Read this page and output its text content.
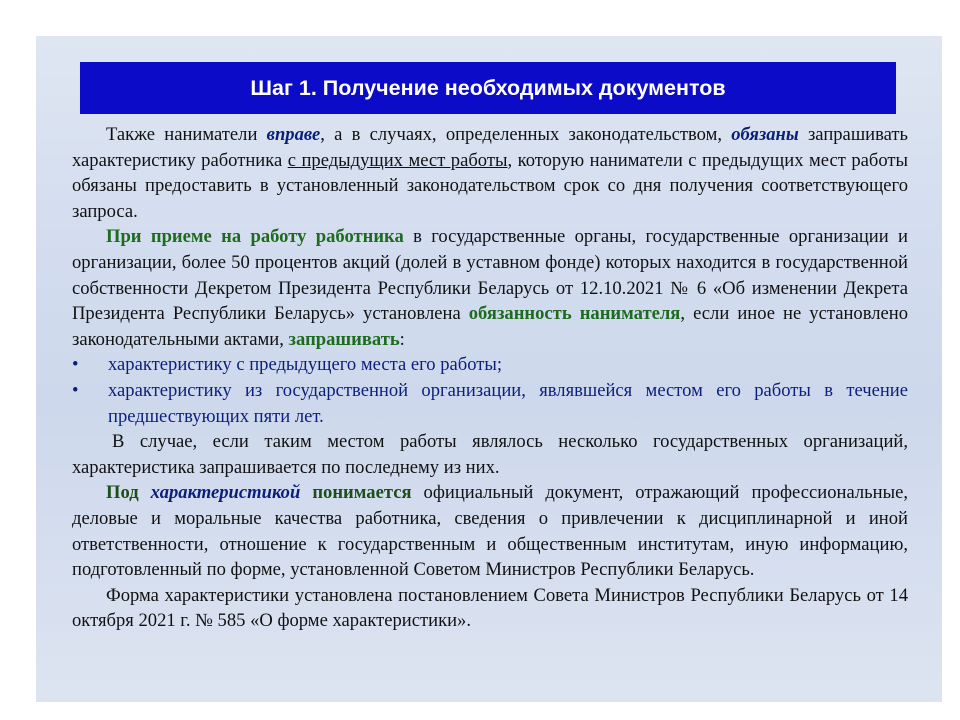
Шаг 1. Получение необходимых документов

Также наниматели вправе, а в случаях, определенных законодательством, обязаны запрашивать характеристику работника с предыдущих мест работы, которую наниматели с предыдущих мест работы обязаны предоставить в установленный законодательством срок со дня получения соответствующего запроса.

При приеме на работу работника в государственные органы, государственные организации и организации, более 50 процентов акций (долей в уставном фонде) которых находится в государственной собственности Декретом Президента Республики Беларусь от 12.10.2021 № 6 «Об изменении Декрета Президента Республики Беларусь» установлена обязанность нанимателя, если иное не установлено законодательными актами, запрашивать:

• характеристику с предыдущего места его работы;

• характеристику из государственной организации, являвшейся местом его работы в течение предшествующих пяти лет.

В случае, если таким местом работы являлось несколько государственных организаций, характеристика запрашивается по последнему из них.

Под характеристикой понимается официальный документ, отражающий профессиональные, деловые и моральные качества работника, сведения о привлечении к дисциплинарной и иной ответственности, отношение к государственным и общественным институтам, иную информацию, подготовленный по форме, установленной Советом Министров Республики Беларусь.

Форма характеристики установлена постановлением Совета Министров Республики Беларусь от 14 октября 2021 г. № 585 «О форме характеристики».
